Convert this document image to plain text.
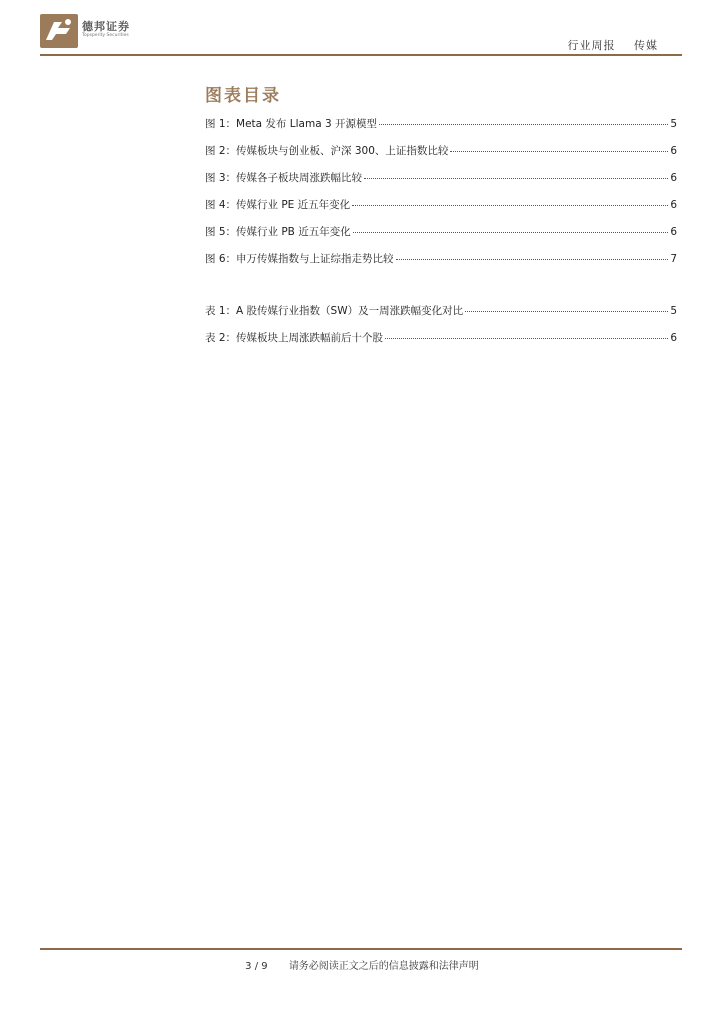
德邦证券
Topsperity Securities
行业周报 传媒
图表目录
图 1：Meta 发布 Llama 3 开源模型	5
图 2：传媒板块与创业板、沪深 300、上证指数比较	6
图 3：传媒各子板块周涨跌幅比较	6
图 4：传媒行业 PE 近五年变化	6
图 5：传媒行业 PB 近五年变化	6
图 6：申万传媒指数与上证综指走势比较	7
表 1：A 股传媒行业指数（SW）及一周涨跌幅变化对比	5
表 2：传媒板块上周涨跌幅前后十个股	6
3 / 9 请务必阅读正文之后的信息披露和法律声明
